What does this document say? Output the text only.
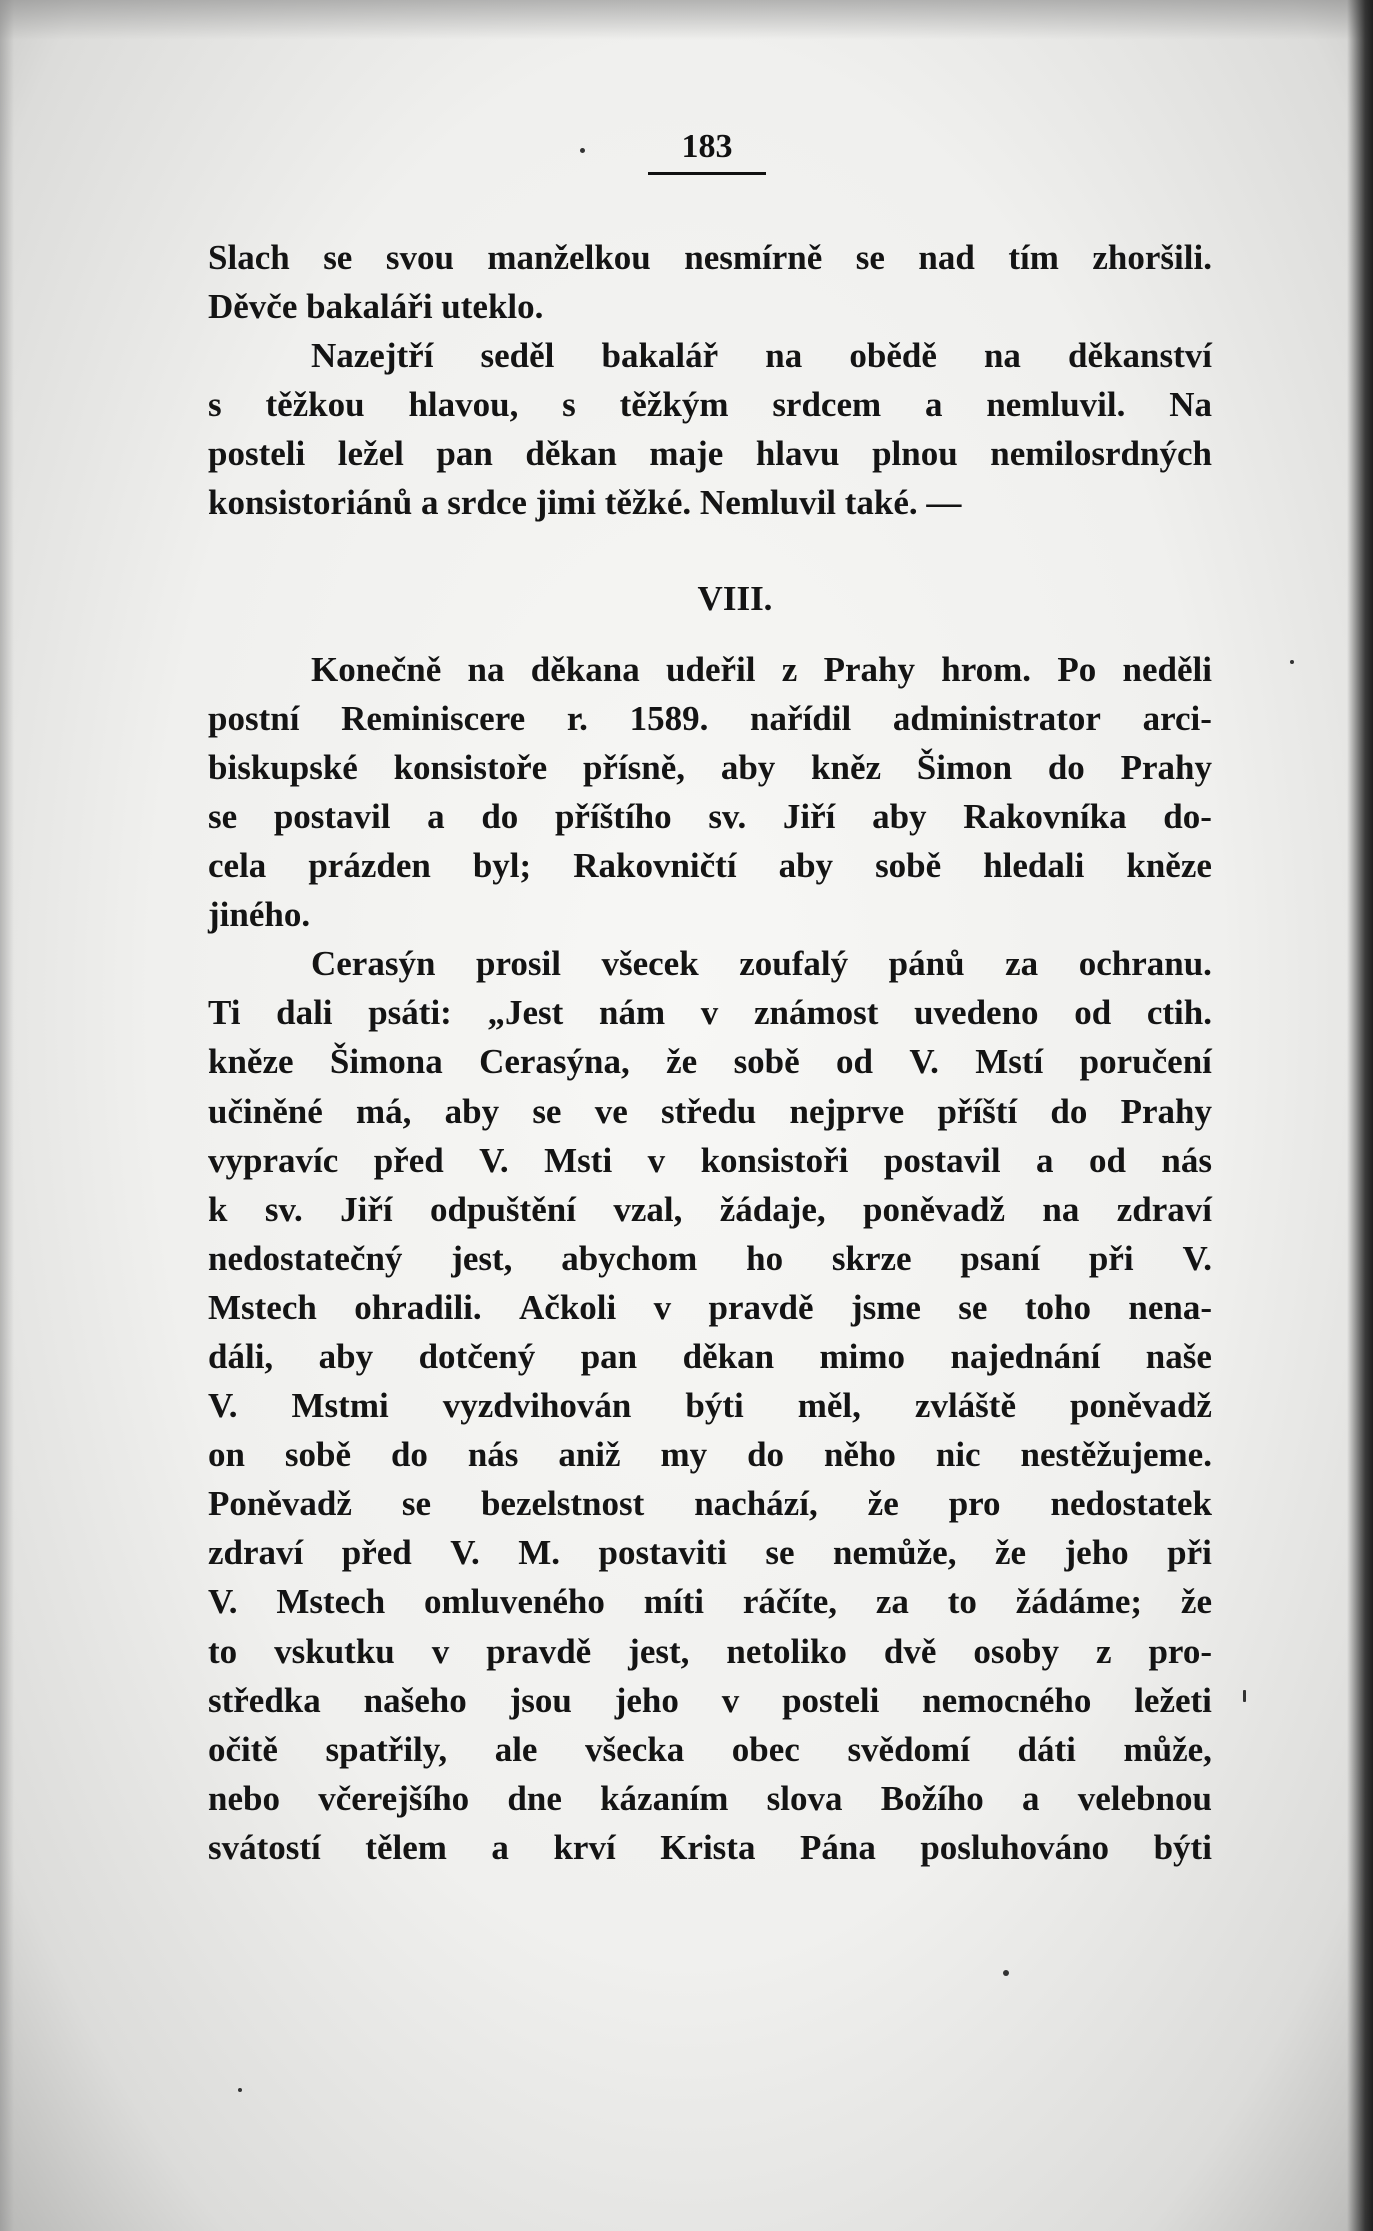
183
Slach se svou manželkou nesmírně se nad tím zhoršili.
Děvče bakaláři uteklo.
Nazejtří seděl bakalář na obědě na děkanství
s těžkou hlavou, s těžkým srdcem a nemluvil. Na
posteli ležel pan děkan maje hlavu plnou nemilosrdných
konsistoriánů a srdce jimi těžké. Nemluvil také. —
VIII.
Konečně na děkana udeřil z Prahy hrom. Po neděli
postní Reminiscere r. 1589. nařídil administrator arci-
biskupské konsistoře přísně, aby kněz Šimon do Prahy
se postavil a do příštího sv. Jiří aby Rakovníka do-
cela prázden byl; Rakovničtí aby sobě hledali kněze
jiného.
Cerasýn prosil všecek zoufalý pánů za ochranu.
Ti dali psáti: „Jest nám v známost uvedeno od ctih.
kněze Šimona Cerasýna, že sobě od V. Mstí poručení
učiněné má, aby se ve středu nejprve příští do Prahy
vypravíc před V. Msti v konsistoři postavil a od nás
k sv. Jiří odpuštění vzal, žádaje, poněvadž na zdraví
nedostatečný jest, abychom ho skrze psaní při V.
Mstech ohradili. Ačkoli v pravdě jsme se toho nena-
dáli, aby dotčený pan děkan mimo najednání naše
V. Mstmi vyzdvihován býti měl, zvláště poněvadž
on sobě do nás aniž my do něho nic nestěžujeme.
Poněvadž se bezelstnost nachází, že pro nedostatek
zdraví před V. M. postaviti se nemůže, že jeho při
V. Mstech omluveného míti ráčíte, za to žádáme; že
to vskutku v pravdě jest, netoliko dvě osoby z pro-
středka našeho jsou jeho v posteli nemocného ležeti
očitě spatřily, ale všecka obec svědomí dáti může,
nebo včerejšího dne kázaním slova Božího a velebnou
svátostí tělem a krví Krista Pána posluhováno býti
